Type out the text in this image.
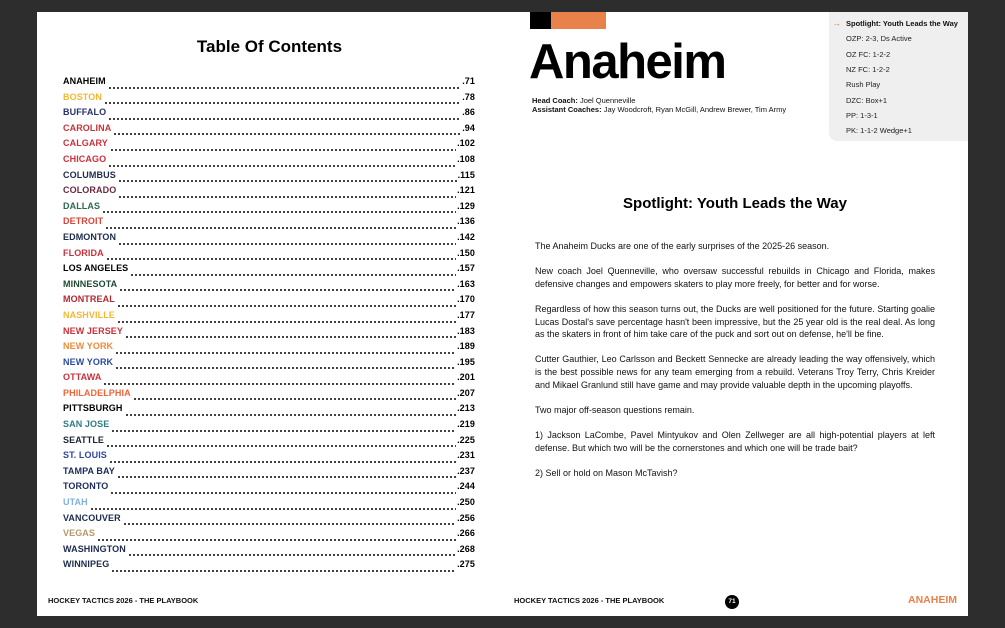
Table Of Contents
ANAHEIM	.71
BOSTON	.78
BUFFALO	.86
CAROLINA	.94
CALGARY	.102
CHICAGO	.108
COLUMBUS	.115
COLORADO	.121
DALLAS	.129
DETROIT	.136
EDMONTON	.142
FLORIDA	.150
LOS ANGELES	.157
MINNESOTA	.163
MONTREAL	.170
NASHVILLE	.177
NEW JERSEY	.183
NEW YORK	.189
NEW YORK	.195
OTTAWA	.201
PHILADELPHIA	.207
PITTSBURGH	.213
SAN JOSE	.219
SEATTLE	.225
ST. LOUIS	.231
TAMPA BAY	.237
TORONTO	.244
UTAH	.250
VANCOUVER	.256
VEGAS	.266
WASHINGTON	.268
WINNIPEG	.275
HOCKEY TACTICS 2026 - THE PLAYBOOK
Anaheim
Head Coach: Joel Quenneville
Assistant Coaches: Jay Woodcroft, Ryan McGill, Andrew Brewer, Tim Army
→ Spotlight: Youth Leads the Way
OZP: 2-3, Ds Active
OZ FC: 1-2-2
NZ FC: 1-2-2
Rush Play
DZC: Box+1
PP: 1-3-1
PK: 1-1-2 Wedge+1
Spotlight: Youth Leads the Way

The Anaheim Ducks are one of the early surprises of the 2025-26 season.

New coach Joel Quenneville, who oversaw successful rebuilds in Chicago and Florida, makes defensive changes and empowers skaters to play more freely, for better and for worse.

Regardless of how this season turns out, the Ducks are well positioned for the future. Starting goalie Lucas Dostal's save percentage hasn't been impressive, but the 25 year old is the real deal. As long as the skaters in front of him take care of the puck and sort out on defense, he'll be fine.

Cutter Gauthier, Leo Carlsson and Beckett Sennecke are already leading the way offensively, which is the best possible news for any team emerging from a rebuild. Veterans Troy Terry, Chris Kreider and Mikael Granlund still have game and may provide valuable depth in the upcoming playoffs.

Two major off-season questions remain.

1) Jackson LaCombe, Pavel Mintyukov and Olen Zellweger are all high-potential players at left defense. But which two will be the cornerstones and which one will be trade bait?

2) Sell or hold on Mason McTavish?

HOCKEY TACTICS 2026 - THE PLAYBOOK	71	ANAHEIM
